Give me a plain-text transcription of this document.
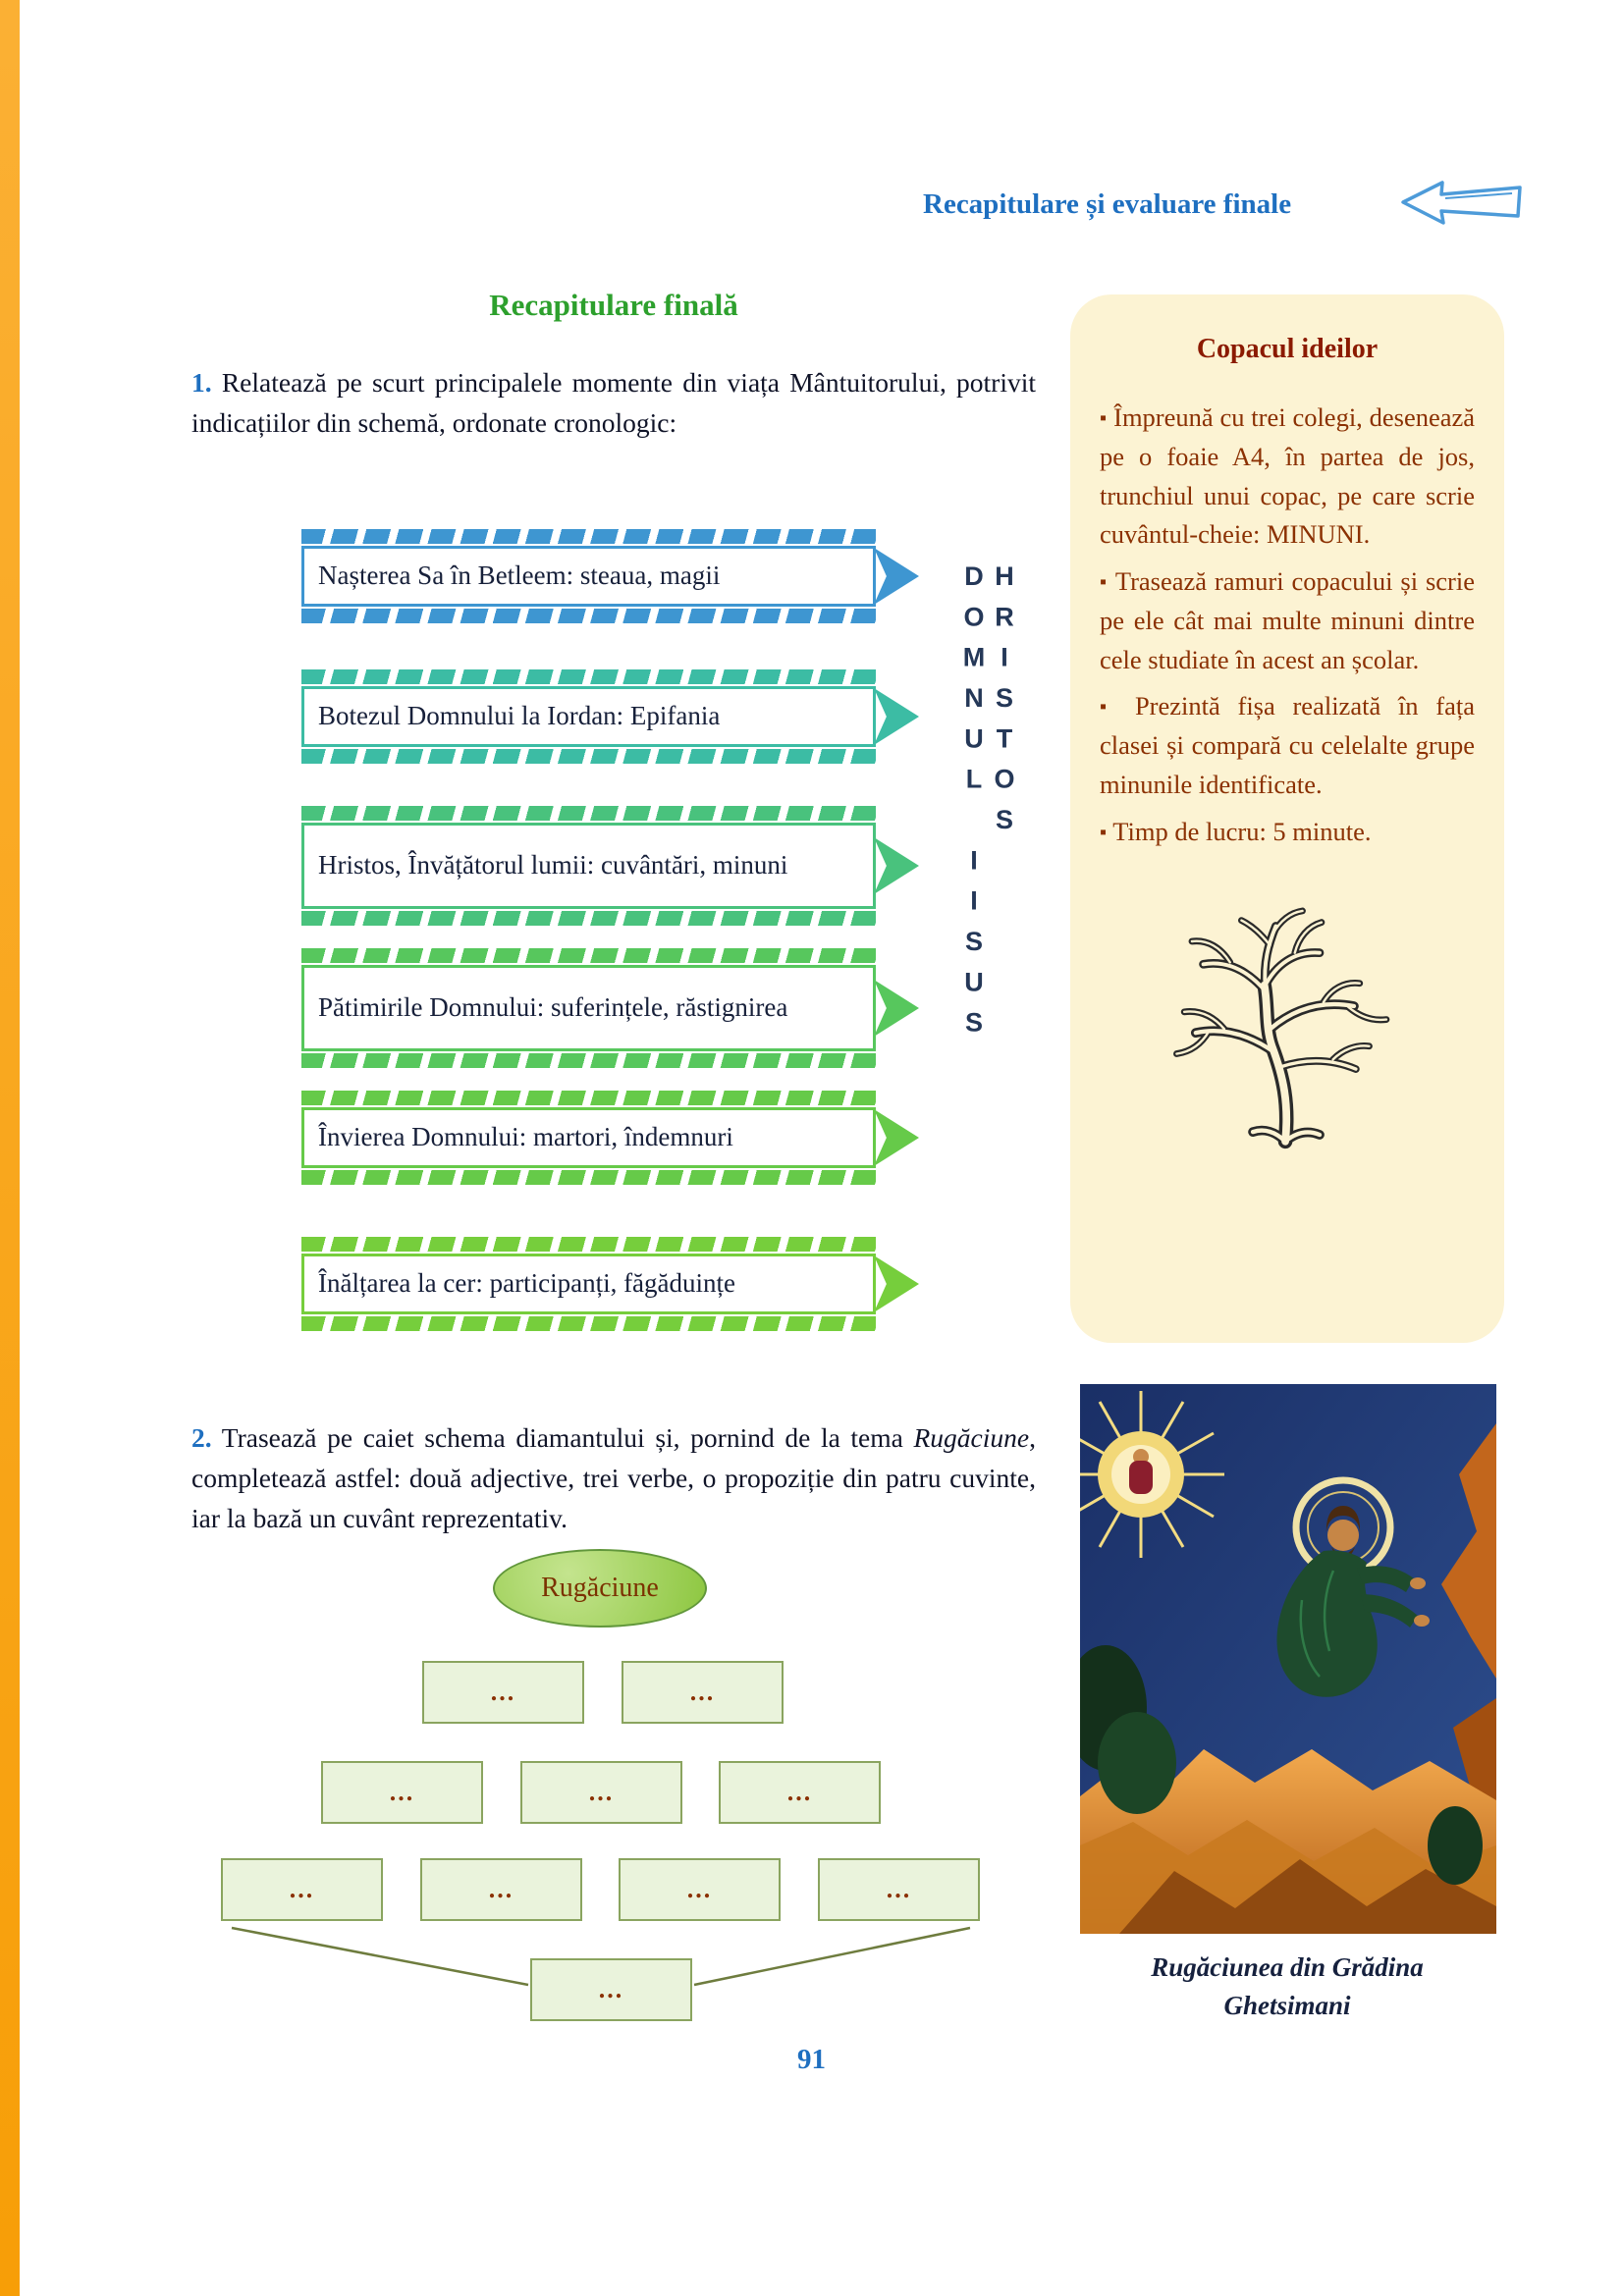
Recapitulare și evaluare finale
Recapitulare finală

1. Relatează pe scurt principalele momente din viața Mântuitorului, potrivit indicațiilor din schemă, ordonate cronologic:

Nașterea Sa în Betleem: steaua, magii
Botezul Domnului la Iordan: Epifania
Hristos, Învățătorul lumii: cuvântări, minuni
Pătimirile Domnului: suferințele, răstignirea
Învierea Domnului: martori, îndemnuri
Înălțarea la cer: participanți, făgăduințe
DOMNUL IISUS HRISTOS
Copacul ideilor

▪ Împreună cu trei colegi, desenează pe o foaie A4, în partea de jos, trunchiul unui copac, pe care scrie cuvântul-cheie: MINUNI.

▪ Trasează ramuri copacului și scrie pe ele cât mai multe minuni dintre cele studiate în acest an școlar.

▪ Prezintă fișa realizată în fața clasei și compară cu celelalte grupe minunile identificate.

▪ Timp de lucru: 5 minute.

2. Trasează pe caiet schema diamantului și, pornind de la tema Rugăciune, completează astfel: două adjective, trei verbe, o propoziție din patru cuvinte, iar la bază un cuvânt reprezentativ.

Rugăciune
...	...
...	...	...
...	...	...	...
...
Rugăciunea din Grădina
Ghetsimani
91
